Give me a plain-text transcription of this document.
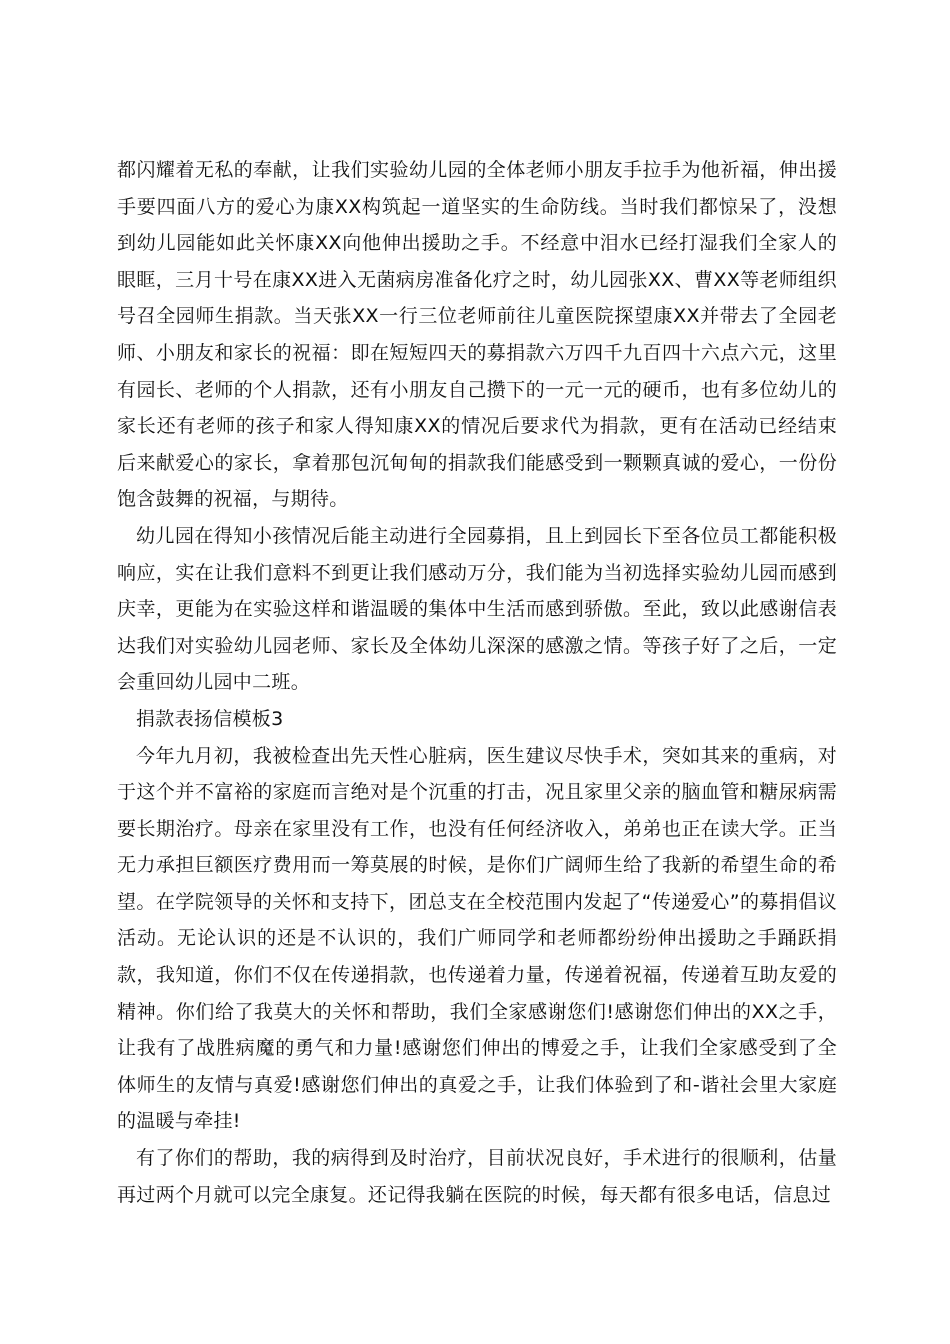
都闪耀着无私的奉献，让我们实验幼儿园的全体老师小朋友手拉手为他祈福，伸出援手要四面八方的爱心为康XX构筑起一道坚实的生命防线。当时我们都惊呆了，没想到幼儿园能如此关怀康XX向他伸出援助之手。不经意中泪水已经打湿我们全家人的眼眶，三月十号在康XX进入无菌病房准备化疗之时，幼儿园张XX、曹XX等老师组织号召全园师生捐款。当天张XX一行三位老师前往儿童医院探望康XX并带去了全园老师、小朋友和家长的祝福：即在短短四天的募捐款六万四千九百四十六点六元，这里有园长、老师的个人捐款，还有小朋友自己攒下的一元一元的硬币，也有多位幼儿的家长还有老师的孩子和家人得知康XX的情况后要求代为捐款，更有在活动已经结束后来献爱心的家长，拿着那包沉甸甸的捐款我们能感受到一颗颗真诚的爱心，一份份饱含鼓舞的祝福，与期待。

幼儿园在得知小孩情况后能主动进行全园募捐，且上到园长下至各位员工都能积极响应，实在让我们意料不到更让我们感动万分，我们能为当初选择实验幼儿园而感到庆幸，更能为在实验这样和谐温暖的集体中生活而感到骄傲。至此，致以此感谢信表达我们对实验幼儿园老师、家长及全体幼儿深深的感激之情。等孩子好了之后，一定会重回幼儿园中二班。

捐款表扬信模板3

今年九月初，我被检查出先天性心脏病，医生建议尽快手术，突如其来的重病，对于这个并不富裕的家庭而言绝对是个沉重的打击，况且家里父亲的脑血管和糖尿病需要长期治疗。母亲在家里没有工作，也没有任何经济收入，弟弟也正在读大学。正当无力承担巨额医疗费用而一筹莫展的时候，是你们广阔师生给了我新的希望生命的希望。在学院领导的关怀和支持下，团总支在全校范围内发起了“传递爱心”的募捐倡议活动。无论认识的还是不认识的，我们广师同学和老师都纷纷伸出援助之手踊跃捐款，我知道，你们不仅在传递捐款，也传递着力量，传递着祝福，传递着互助友爱的精神。你们给了我莫大的关怀和帮助，我们全家感谢您们!感谢您们伸出的XX之手，让我有了战胜病魔的勇气和力量!感谢您们伸出的博爱之手，让我们全家感受到了全体师生的友情与真爱!感谢您们伸出的真爱之手，让我们体验到了和-谐社会里大家庭的温暖与牵挂!

有了你们的帮助，我的病得到及时治疗，目前状况良好，手术进行的很顺利，估量再过两个月就可以完全康复。还记得我躺在医院的时候，每天都有很多电话，信息过
